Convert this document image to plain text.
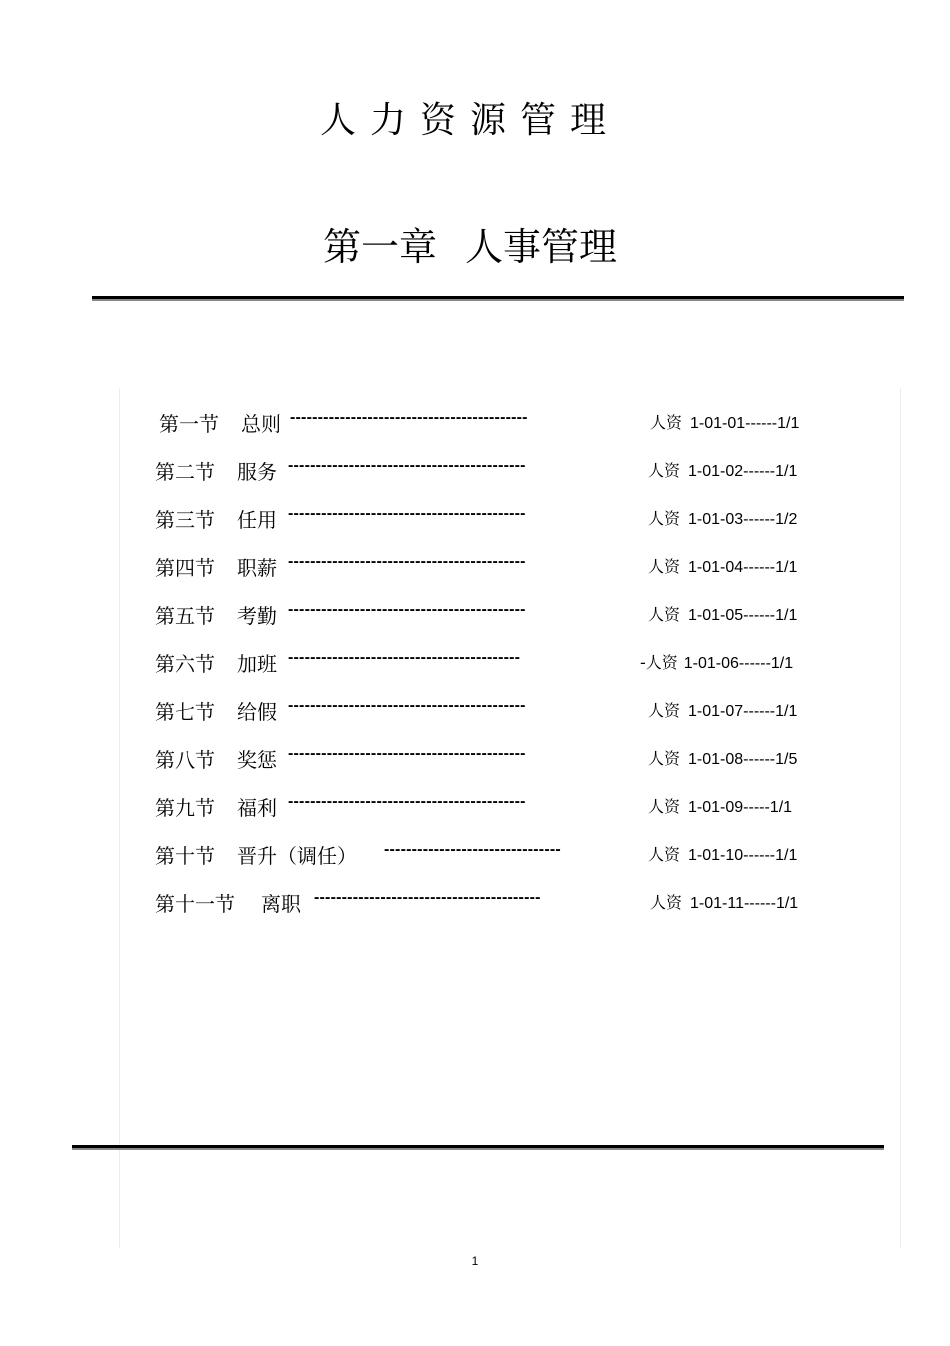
人力资源管理
第一章 人事管理
第一节 总则 -------------------------------------------	人资 1-01-01------1/1
第二节 服务 -------------------------------------------	人资 1-01-02------1/1
第三节 任用 -------------------------------------------	人资 1-01-03------1/2
第四节 职薪 -------------------------------------------	人资 1-01-04------1/1
第五节 考勤 -------------------------------------------	人资 1-01-05------1/1
第六节 加班 ------------------------------------------	-人资 1-01-06------1/1
第七节 给假 -------------------------------------------	人资 1-01-07------1/1
第八节 奖惩 -------------------------------------------	人资 1-01-08------1/5
第九节 福利 -------------------------------------------	人资 1-01-09-----1/1
第十节 晋升（调任） --------------------------------	人资 1-01-10------1/1
第十一节 离职 -----------------------------------------	人资 1-01-11------1/1
1
